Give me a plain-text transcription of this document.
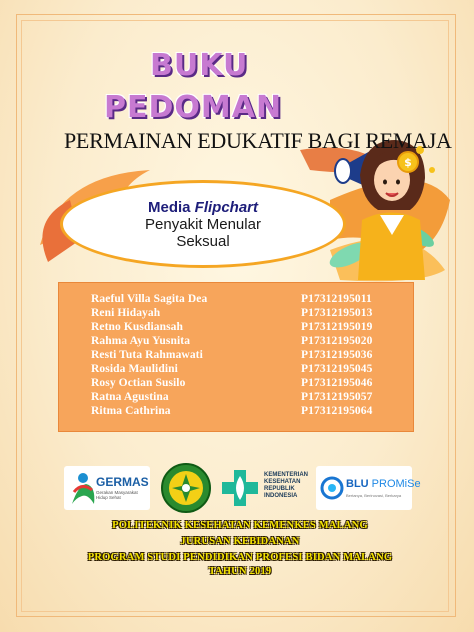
$
BUKU
PEDOMAN
PERMAINAN EDUKATIF BAGI REMAJA
Media Flipchart
Penyakit Menular
Seksual
Raeful Villa Sagita Dea	P17312195011
Reni Hidayah	P17312195013
Retno Kusdiansah	P17312195019
Rahma Ayu Yusnita	P17312195020
Resti Tuta Rahmawati	P17312195036
Rosida Maulidini	P17312195045
Rosy Octian Susilo	P17312195046
Ratna Agustina	P17312195057
Ritma Cathrina	P17312195064
GERMAS
Gerakan Masyarakat Hidup Sehat
KEMENTERIAN
KESEHATAN
REPUBLIK
INDONESIA
BLU PROMiSe
Bertanya, Berinovasi, Berkarya
POLITEKNIK KESEHATAN KEMENKES MALANG
JURUSAN KEBIDANAN
PROGRAM STUDI PENDIDIKAN PROFESI BIDAN MALANG
TAHUN 2019
